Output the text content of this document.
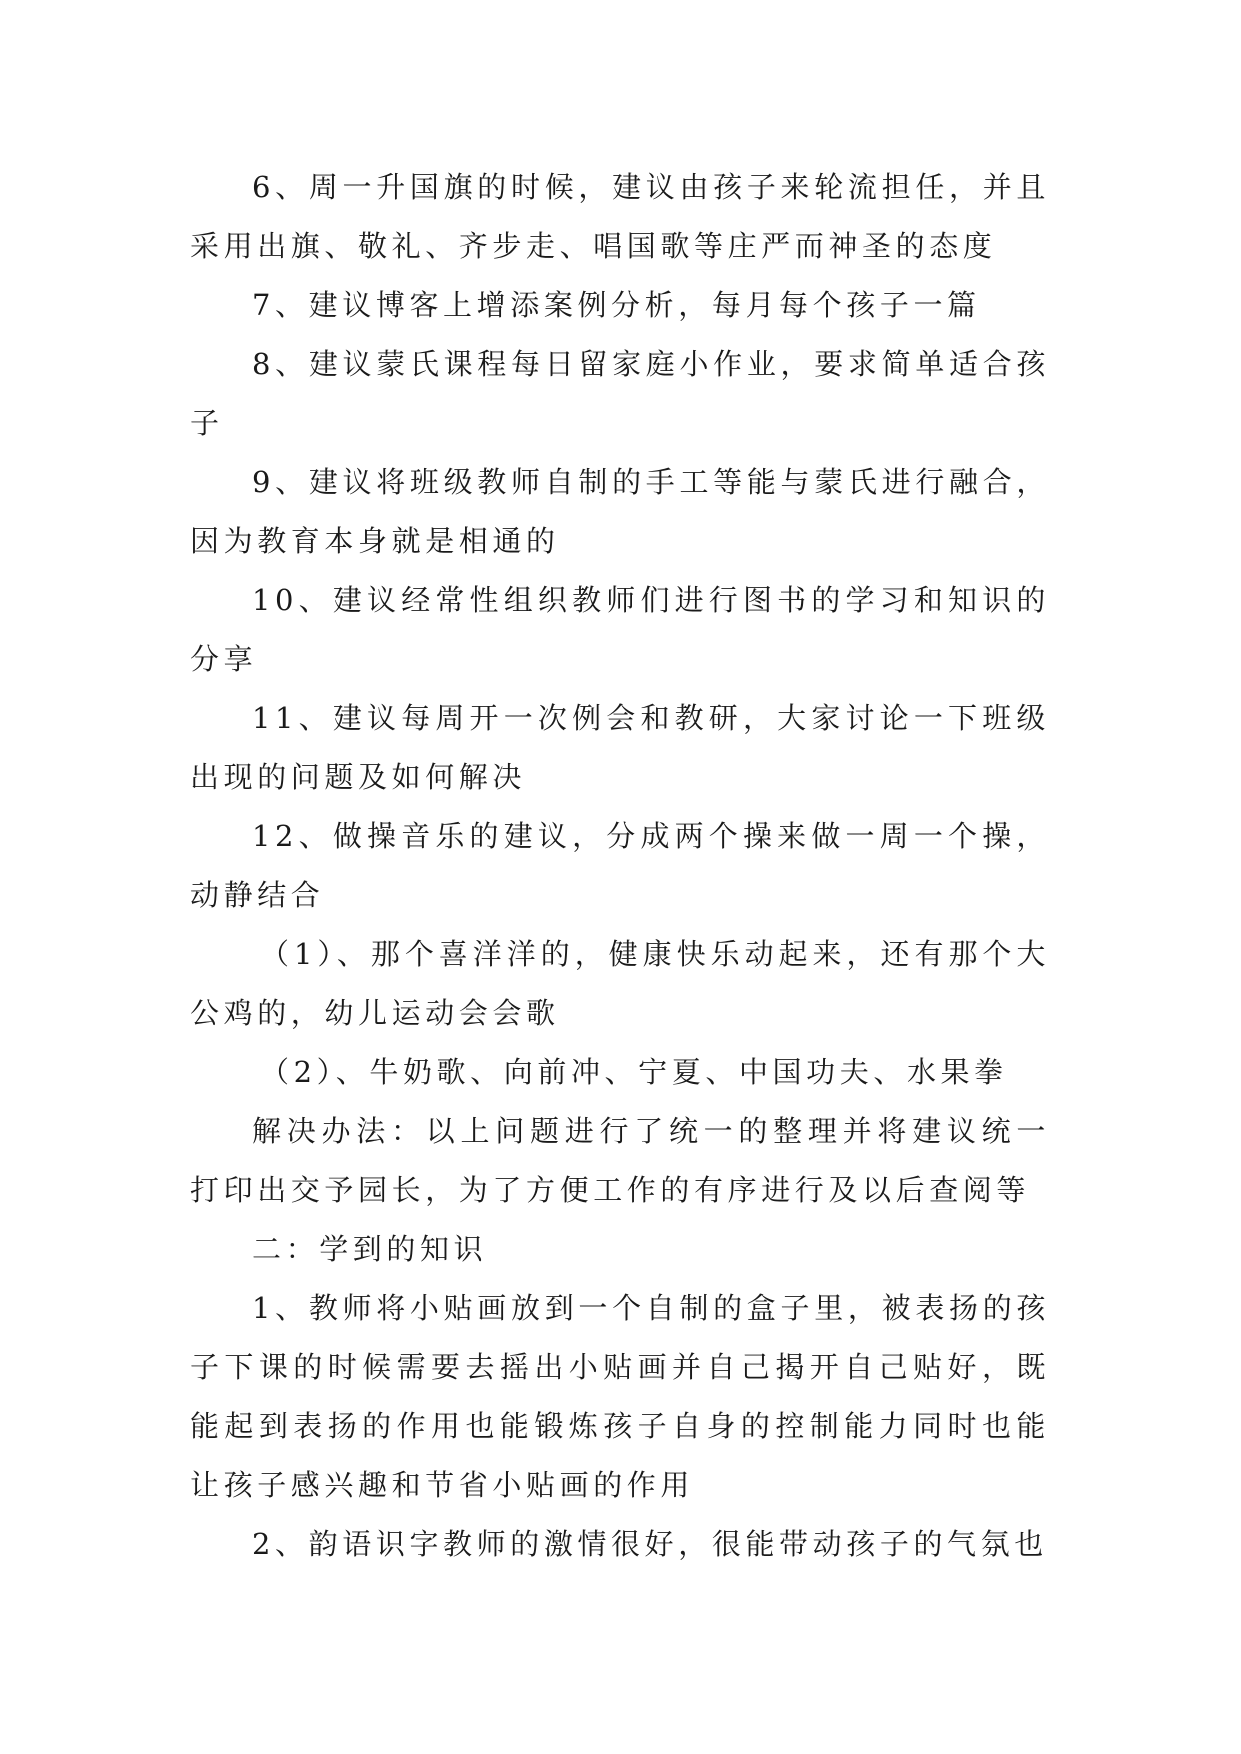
6、周一升国旗的时候，建议由孩子来轮流担任，并且采用出旗、敬礼、齐步走、唱国歌等庄严而神圣的态度

7、建议博客上增添案例分析，每月每个孩子一篇

8、建议蒙氏课程每日留家庭小作业，要求简单适合孩子

9、建议将班级教师自制的手工等能与蒙氏进行融合，因为教育本身就是相通的

10、建议经常性组织教师们进行图书的学习和知识的分享

11、建议每周开一次例会和教研，大家讨论一下班级出现的问题及如何解决

12、做操音乐的建议，分成两个操来做一周一个操，动静结合

（1）、那个喜洋洋的，健康快乐动起来，还有那个大公鸡的，幼儿运动会会歌

（2）、牛奶歌、向前冲、宁夏、中国功夫、水果拳

解决办法：以上问题进行了统一的整理并将建议统一打印出交予园长，为了方便工作的有序进行及以后查阅等

二：学到的知识

1、教师将小贴画放到一个自制的盒子里，被表扬的孩子下课的时候需要去摇出小贴画并自己揭开自己贴好，既能起到表扬的作用也能锻炼孩子自身的控制能力同时也能让孩子感兴趣和节省小贴画的作用

2、韵语识字教师的激情很好，很能带动孩子的气氛也
